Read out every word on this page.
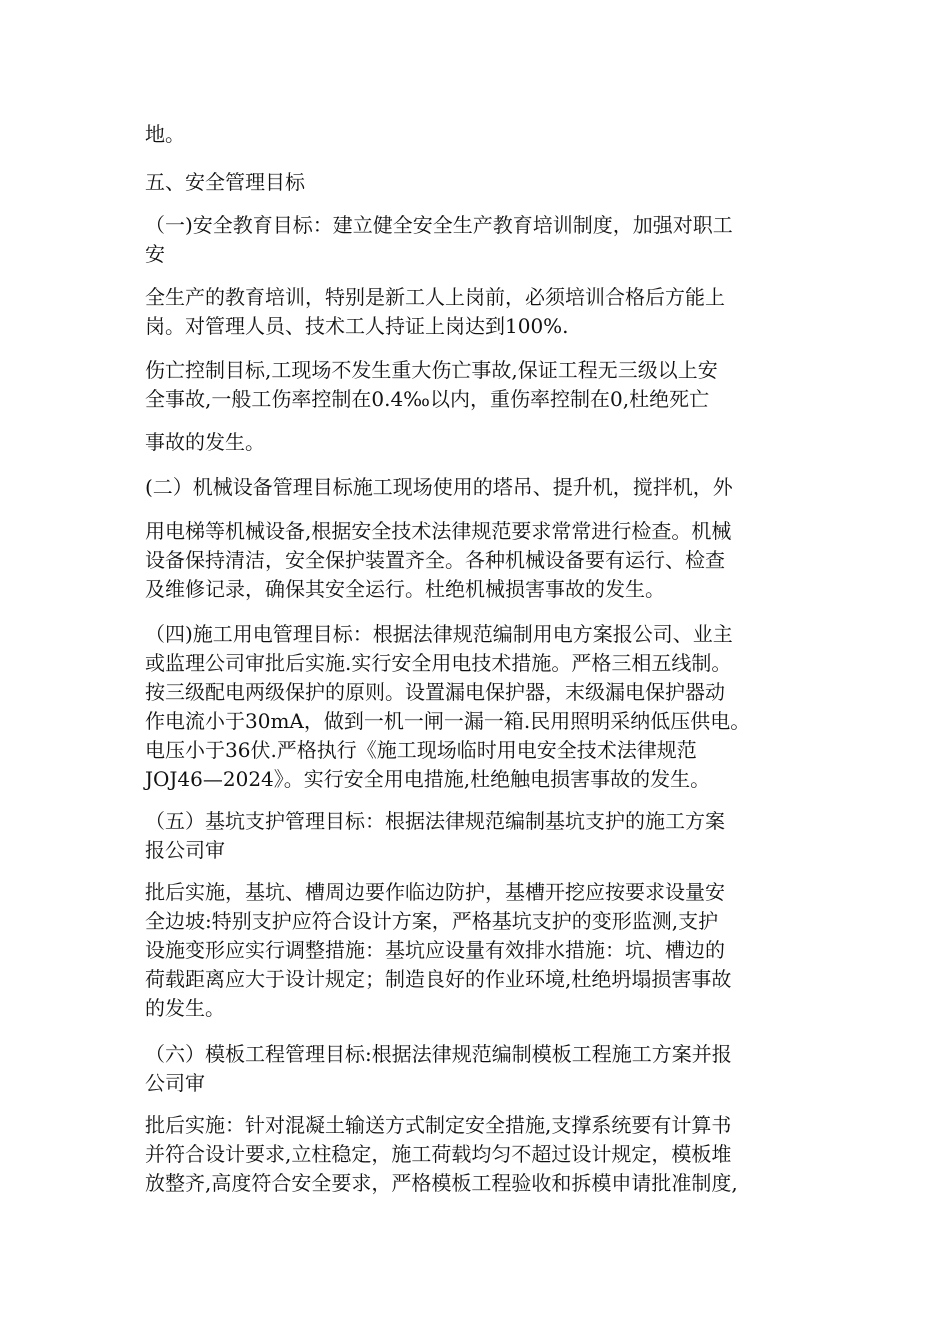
地。

五、安全管理目标

（一)安全教育目标：建立健全安全生产教育培训制度，加强对职工
安

全生产的教育培训，特别是新工人上岗前，必须培训合格后方能上
岗。对管理人员、技术工人持证上岗达到100%.

伤亡控制目标,工现场不发生重大伤亡事故,保证工程无三级以上安
全事故,一般工伤率控制在0.4‰以内，重伤率控制在0,杜绝死亡

事故的发生。

(二）机械设备管理目标施工现场使用的塔吊、提升机，搅拌机，外

用电梯等机械设备,根据安全技术法律规范要求常常进行检查。机械
设备保持清洁，安全保护装置齐全。各种机械设备要有运行、检查
及维修记录，确保其安全运行。杜绝机械损害事故的发生。

（四)施工用电管理目标：根据法律规范编制用电方案报公司、业主
或监理公司审批后实施.实行安全用电技术措施。严格三相五线制。
按三级配电两级保护的原则。设置漏电保护器，末级漏电保护器动
作电流小于30mA，做到一机一闸一漏一箱.民用照明采纳低压供电。
电压小于36伏.严格执行《施工现场临时用电安全技术法律规范
JOJ46—2024》。实行安全用电措施,杜绝触电损害事故的发生。

（五）基坑支护管理目标：根据法律规范编制基坑支护的施工方案
报公司审

批后实施，基坑、槽周边要作临边防护，基槽开挖应按要求设量安
全边坡:特别支护应符合设计方案，严格基坑支护的变形监测,支护
设施变形应实行调整措施：基坑应设量有效排水措施：坑、槽边的
荷载距离应大于设计规定；制造良好的作业环境,杜绝坍塌损害事故
的发生。

（六）模板工程管理目标:根据法律规范编制模板工程施工方案并报
公司审

批后实施：针对混凝土输送方式制定安全措施,支撑系统要有计算书
并符合设计要求,立柱稳定，施工荷载均匀不超过设计规定，模板堆
放整齐,高度符合安全要求，严格模板工程验收和拆模申请批准制度,
